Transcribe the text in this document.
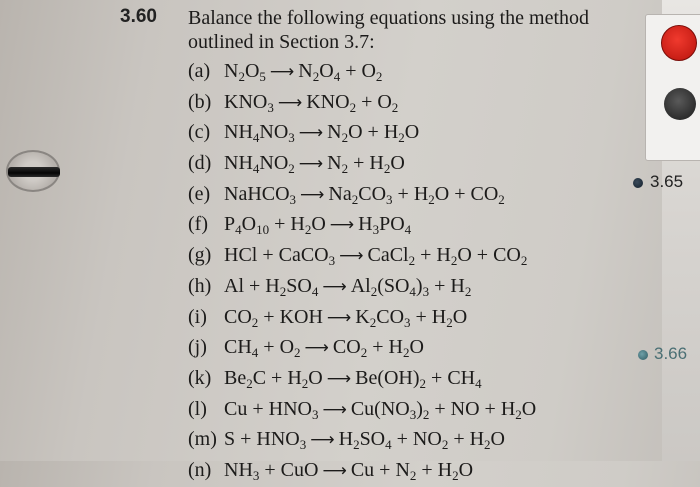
3.60 Balance the following equations using the method
outlined in Section 3.7:
(a) $N_2O_5$ ⟶ $N_2O_4 + O_2$
(b) $KNO_3$ ⟶ $KNO_2 + O_2$
(c) $NH_4NO_3$ ⟶ $N_2O + H_2O$
(d) $NH_4NO_2$ ⟶ $N_2 + H_2O$
(e) NaHCO$_3$ ⟶ $Na_2CO_3 + H_2O + CO_2$
(f) $P_4O_{10} + H_2O$ ⟶ $H_3PO_4$
(g) HCl + CaCO$_3$ ⟶ CaCl$_2$ + $H_2O + CO_2$
(h) $Al + H_2SO_4$ ⟶ $Al_2(SO_4)_3 + H_2$
(i) $CO_2$ + KOH ⟶ $K_2CO_3 + H_2O$
(j) $CH_4 + O_2$ ⟶ $CO_2 + H_2O$
(k) $Be_2C + H_2O$ ⟶ $Be(OH)_2 + CH_4$
(l) $Cu + HNO_3$ ⟶ $Cu(NO_3)_2$ + NO + $H_2O$
(m) $S + HNO_3$ ⟶ $H_2SO_4 + NO_2 + H_2O$
(n) $NH_3$ + CuO ⟶ $Cu + N_2 + H_2O$
3.65
3.66
